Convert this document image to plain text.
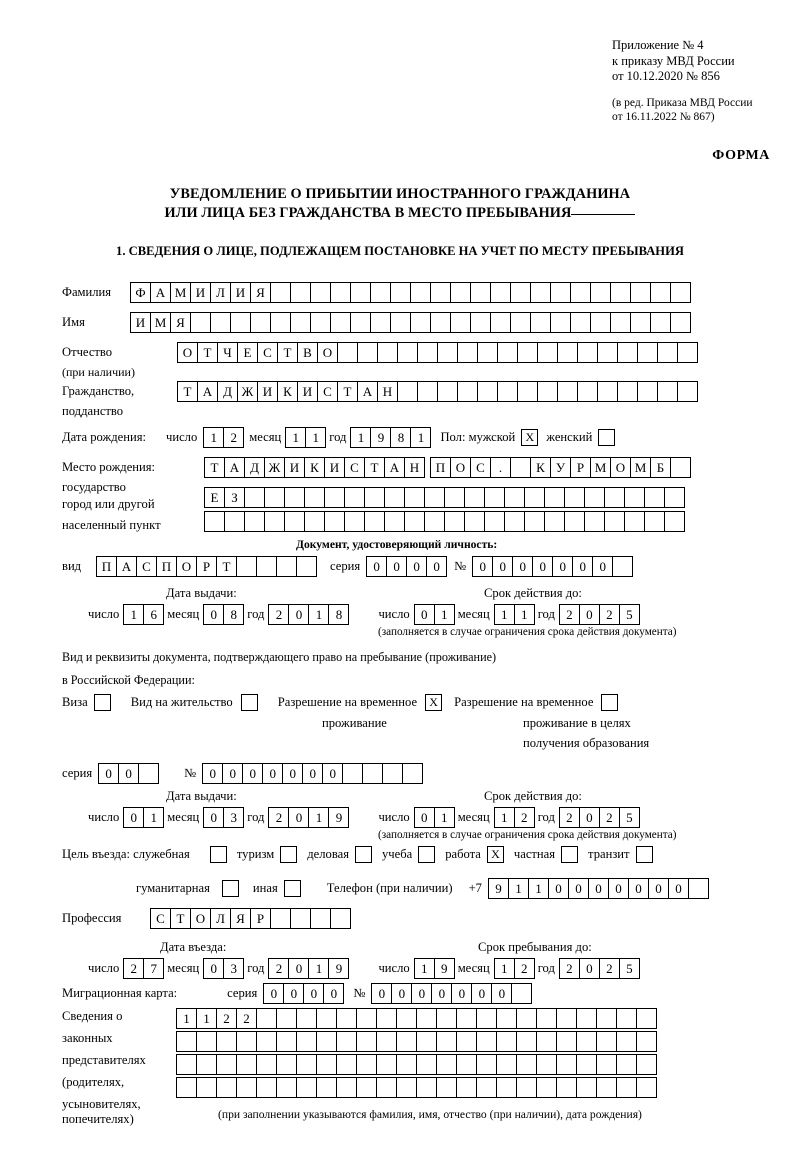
Приложение № 4
к приказу МВД России
от 10.12.2020 № 856
(в ред. Приказа МВД России
от 16.11.2022 № 867)
ФОРМА
УВЕДОМЛЕНИЕ О ПРИБЫТИИ ИНОСТРАННОГО ГРАЖДАНИНА
ИЛИ ЛИЦА БЕЗ ГРАЖДАНСТВА В МЕСТО ПРЕБЫВАНИЯ
1. СВЕДЕНИЯ О ЛИЦЕ, ПОДЛЕЖАЩЕМ ПОСТАНОВКЕ НА УЧЕТ ПО МЕСТУ ПРЕБЫВАНИЯ
Фамилия	Ф А М И Л И Я
Имя	И М Я
Отчество	О Т Ч Е С Т В О
(при наличии)
Гражданство,	Т А Д Ж И К И С Т А Н
подданство
Дата рождения: число	1	2 месяц 1	1 год 1	9	8	1	Пол: мужской X женский
Место рождения:	Т А Д Ж И К И С Т А Н	П О С	.	К У Р М О М Б
государство
Е З
город или другой
населенный пункт
Документ, удостоверяющий личность:
вид	П А С П О Р Т	серия	0	0	0	0	№	0	0	0	0	0	0	0
Дата выдачи:	Срок действия до:
число 1	6 месяц 0	8 год 2	0	1	8	число 0	1 месяц 1	1 год 2	0	2	5
(заполняется в случае ограничения срока действия документа)
Вид и реквизиты документа, подтверждающего право на пребывание (проживание)
в Российской Федерации:
Виза	Вид на жительство	Разрешение на временное	X	Разрешение на временное
проживание	проживание в целях
получения образования
серия	0	0	№	0	0	0	0	0	0	0
Дата выдачи:	Срок действия до:
число 0	1 месяц 0	3 год 2	0	1	9	число 0	1 месяц 1	2 год 2	0	2	5
(заполняется в случае ограничения срока действия документа)
Цель въезда: служебная	туризм	деловая	учеба	работа X	частная	транзит
гуманитарная	иная	Телефон (при наличии) +7	9	1	1	0	0	0	0	0	0	0
Профессия	С Т О Л Я Р
Дата въезда:	Срок пребывания до:
число 2	7 месяц 0	3 год 2	0	1	9	число 1	9 месяц 1	2 год 2	0	2	5
Миграционная карта:	серия	0	0	0	0	№	0	0	0	0	0	0	0
Сведения о
законных
представителях
(родителях,
усыновителях,
попечителях)
1	1	2	2
(при заполнении указываются фамилия, имя, отчество (при наличии), дата рождения)
